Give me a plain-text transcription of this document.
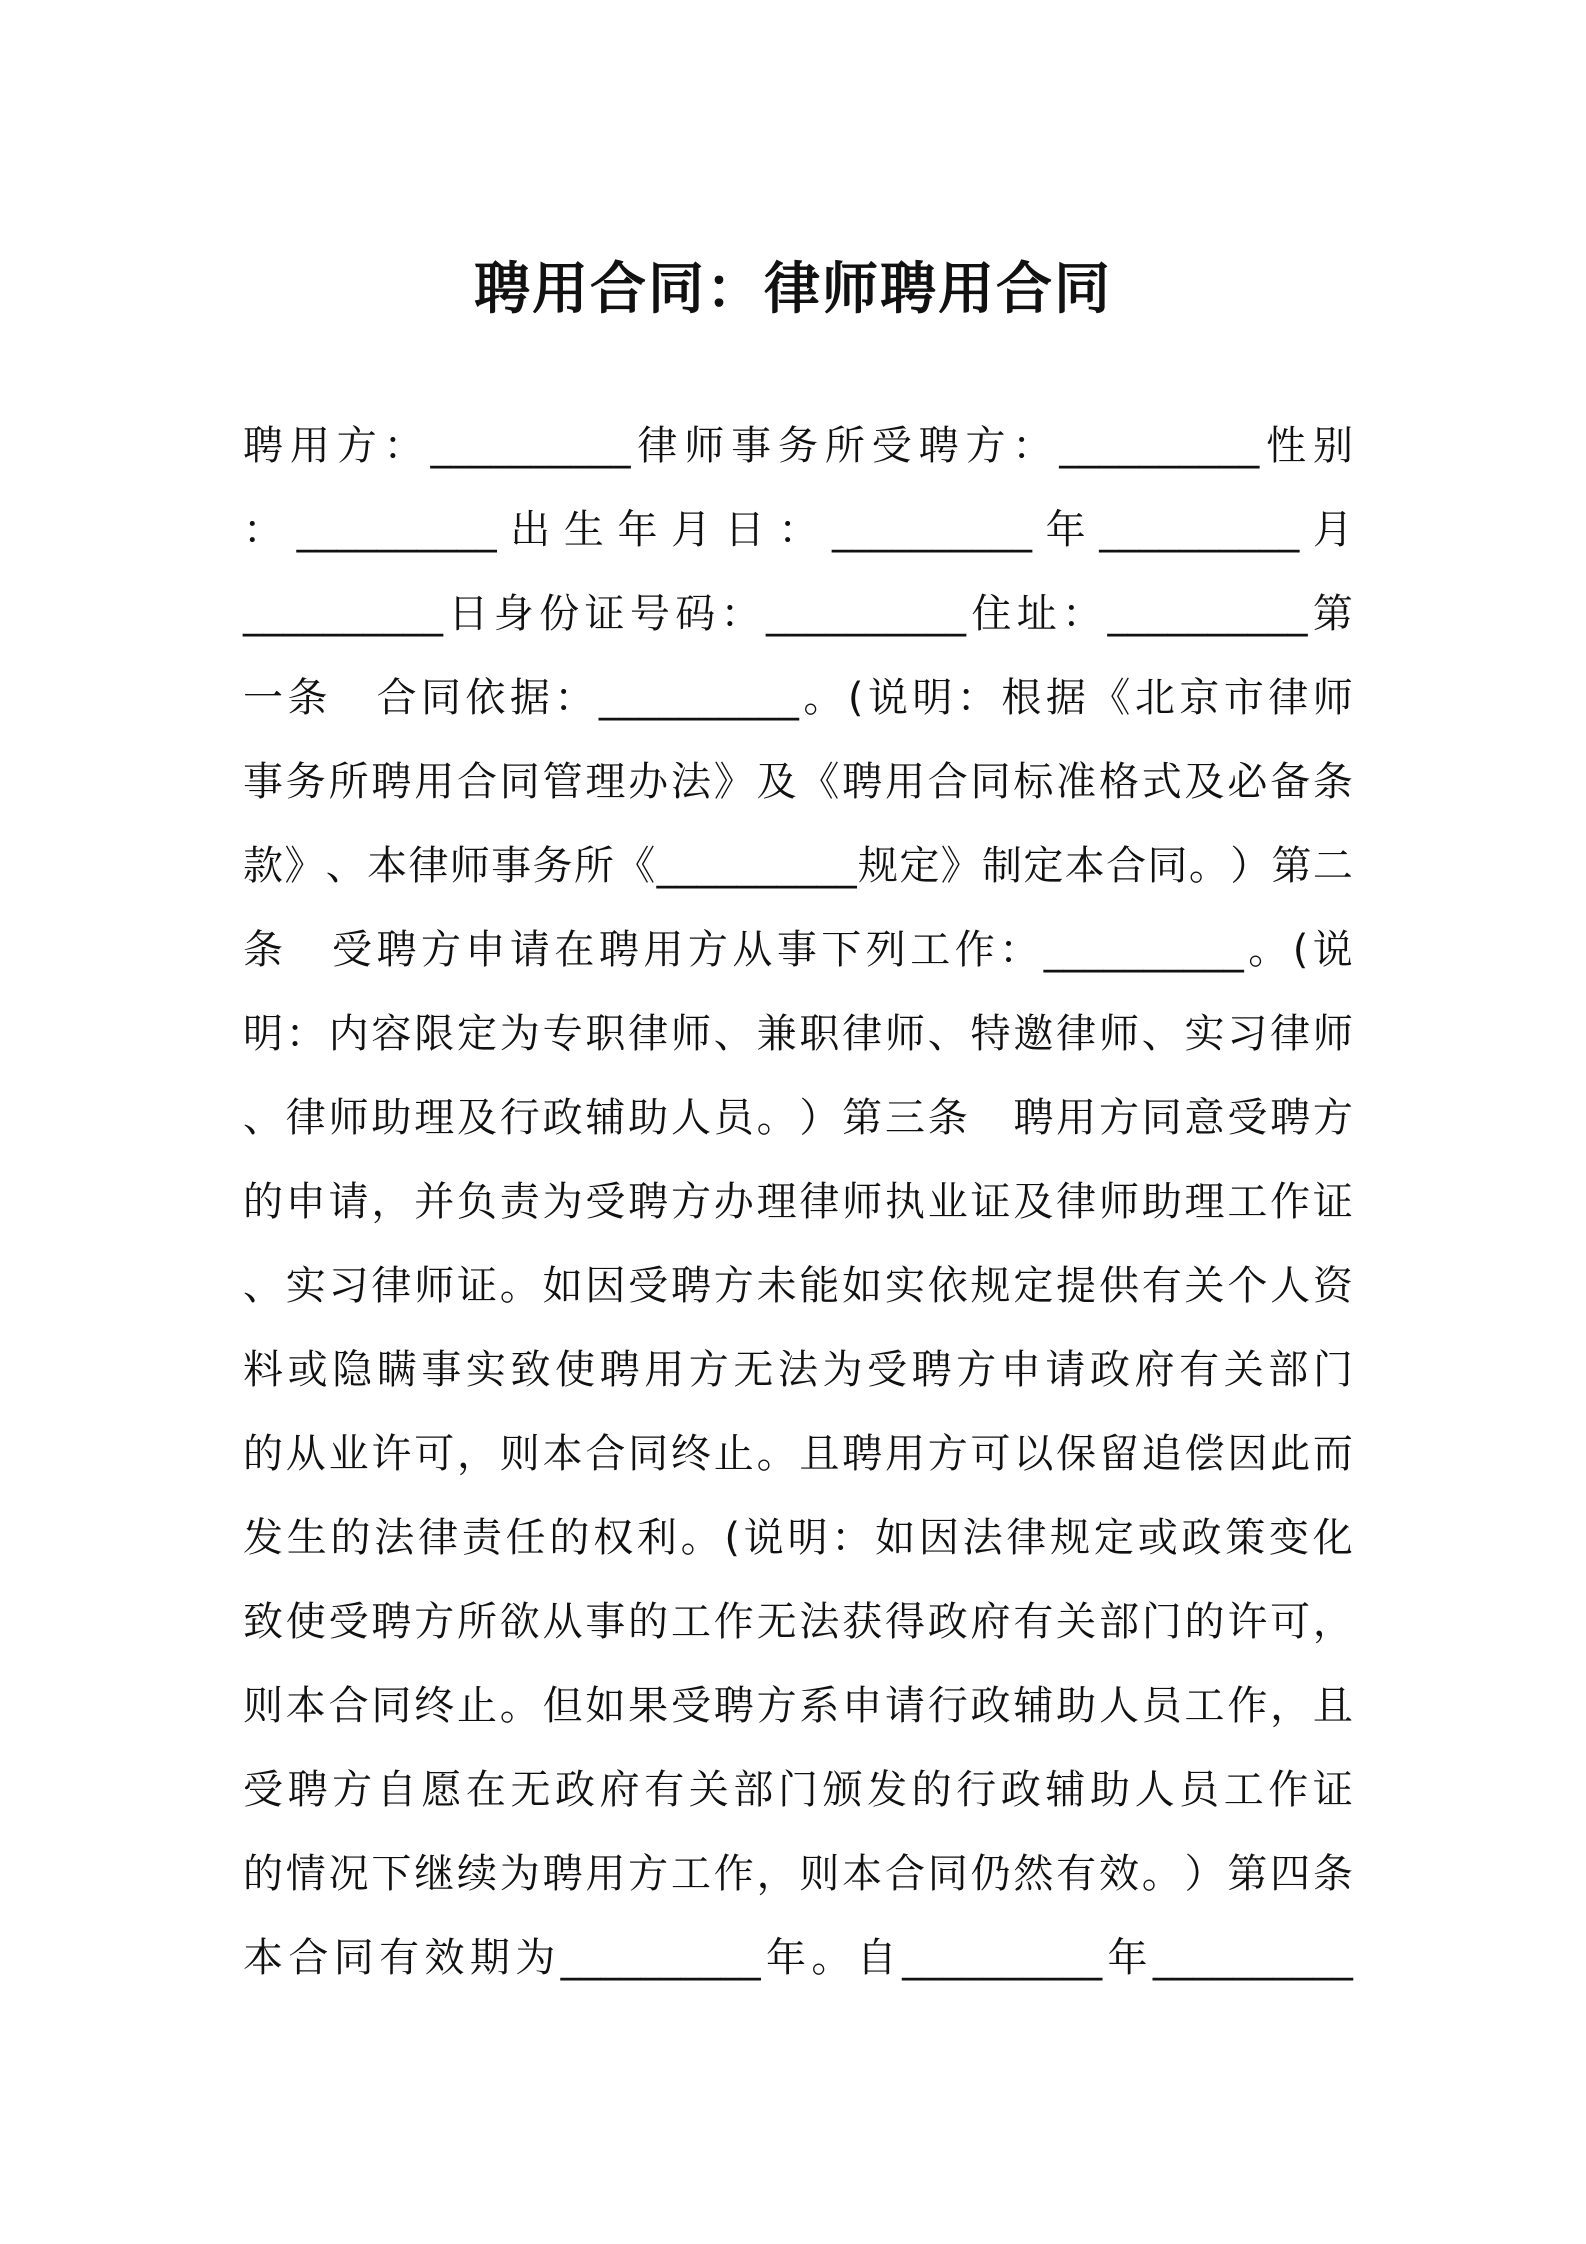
聘用合同：律师聘用合同
聘 用 方 ： __________ 律 师 事 务 所 受 聘 方 ： __________ 性 别
： __________ 出 生 年 月 日 ： __________ 年 __________ 月
__________ 日 身 份 证 号 码 ： __________ 住 址 ： __________ 第
一 条
　 合 同 依 据 ： __________ 。 ( 说 明 ： 根 据 《 北 京 市 律 师
事 务 所 聘 用 合 同 管 理 办 法 》 及 《 聘 用 合 同 标 准 格 式 及 必 备 条
款 》 、 本 律 师 事 务 所 《 __________ 规 定 》 制 定 本 合 同 。 ） 第 二
条
　 受 聘 方 申 请 在 聘 用 方 从 事 下 列 工 作 ： __________ 。 ( 说
明 ： 内 容 限 定 为 专 职 律 师 、 兼 职 律 师 、 特 邀 律 师 、 实 习 律 师
、 律 师 助 理 及 行 政 辅 助 人 员 。 ） 第 三 条
　 聘 用 方 同 意 受 聘 方
的 申 请 ， 并 负 责 为 受 聘 方 办 理 律 师 执 业 证 及 律 师 助 理 工 作 证
、 实 习 律 师 证 。 如 因 受 聘 方 未 能 如 实 依 规 定 提 供 有 关 个 人 资
料 或 隐 瞒 事 实 致 使 聘 用 方 无 法 为 受 聘 方 申 请 政 府 有 关 部 门
的 从 业 许 可 ， 则 本 合 同 终 止 。 且 聘 用 方 可 以 保 留 追 偿 因 此 而
发 生 的 法 律 责 任 的 权 利 。 ( 说 明 ： 如 因 法 律 规 定 或 政 策 变 化
致 使 受 聘 方 所 欲 从 事 的 工 作 无 法 获 得 政 府 有 关 部 门 的 许 可 ，
则 本 合 同 终 止 。 但 如 果 受 聘 方 系 申 请 行 政 辅 助 人 员 工 作 ， 且
受 聘 方 自 愿 在 无 政 府 有 关 部 门 颁 发 的 行 政 辅 助 人 员 工 作 证
的 情 况 下 继 续 为 聘 用 方 工 作 ， 则 本 合 同 仍 然 有 效 。 ） 第 四 条
本 合 同 有 效 期 为 __________ 年 。 自 __________ 年 __________
